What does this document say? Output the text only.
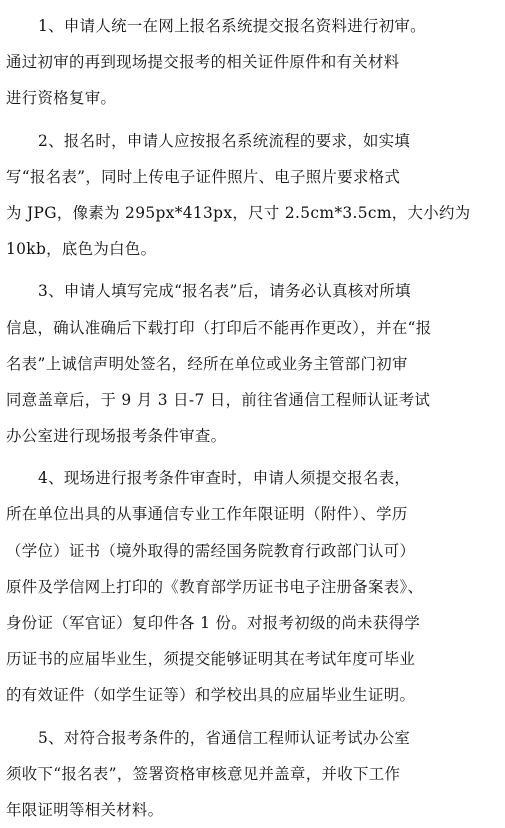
1、申请人统一在网上报名系统提交报名资料进行初审。
通过初审的再到现场提交报考的相关证件原件和有关材料
进行资格复审。
2、报名时，申请人应按报名系统流程的要求，如实填
写“报名表”，同时上传电子证件照片、电子照片要求格式
为 JPG，像素为 295px*413px，尺寸 2.5cm*3.5cm，大小约为
10kb，底色为白色。
3、申请人填写完成“报名表”后，请务必认真核对所填
信息，确认准确后下载打印（打印后不能再作更改），并在“报
名表”上诚信声明处签名，经所在单位或业务主管部门初审
同意盖章后，于 9 月 3 日-7 日，前往省通信工程师认证考试
办公室进行现场报考条件审查。
4、现场进行报考条件审查时，申请人须提交报名表，
所在单位出具的从事通信专业工作年限证明（附件）、学历
（学位）证书（境外取得的需经国务院教育行政部门认可）
原件及学信网上打印的《教育部学历证书电子注册备案表》、
身份证（军官证）复印件各 1 份。对报考初级的尚未获得学
历证书的应届毕业生，须提交能够证明其在考试年度可毕业
的有效证件（如学生证等）和学校出具的应届毕业生证明。
5、对符合报考条件的，省通信工程师认证考试办公室
须收下“报名表”，签署资格审核意见并盖章，并收下工作
年限证明等相关材料。
